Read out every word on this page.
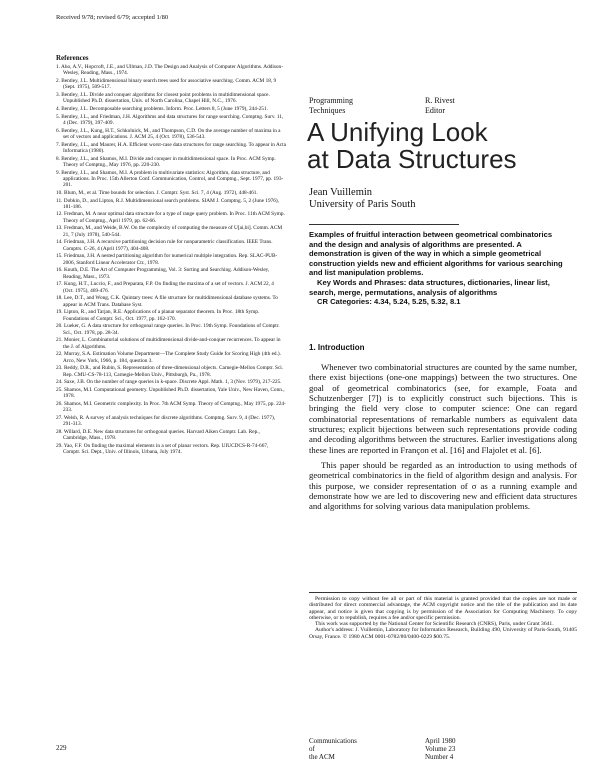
Received 9/78; revised 6/79; accepted 1/80
References
1. Aho, A.V., Hopcroft, J.E., and Ullman, J.D. The Design and Analysis of Computer Algorithms. Addison-Wesley, Reading, Mass., 1974.
2. Bentley, J.L. Multidimensional binary search trees used for associative searching. Comm. ACM 18, 9 (Sept. 1975), 509-517.
3. Bentley, J.L. Divide and conquer algorithms for closest point problems in multidimensional space. Unpublished Ph.D. dissertation, Univ. of North Carolina, Chapel Hill, N.C., 1976.
4. Bentley, J.L. Decomposable searching problems. Inform. Proc. Letters 8, 5 (June 1979), 244-251.
5. Bentley, J.L., and Friedman, J.H. Algorithms and data structures for range searching. Comptng. Surv. 11, 4 (Dec. 1979), 397-409.
6. Bentley, J.L., Kung, H.T., Schkolnick, M., and Thompson, C.D. On the average number of maxima in a set of vectors and applications. J. ACM 25, 4 (Oct. 1978), 536-543.
7. Bentley, J.L., and Maurer, H.A. Efficient worst-case data structures for range searching. To appear in Acta Informatica (1980).
8. Bentley, J.L., and Shamos, M.I. Divide and conquer in multidimensional space. In Proc. ACM Symp. Theory of Comptng., May 1976, pp. 220-230.
9. Bentley, J.L., and Shamos, M.I. A problem in multivariate statistics: Algorithm, data structure, and applications. In Proc. 15th Allerton Conf. Communication, Control, and Comptng., Sept. 1977, pp. 193-201.
10. Blum, M., et al. Time bounds for selection. J. Comptr. Syst. Sci. 7, 4 (Aug. 1972), 448-461.
11. Dobkin, D., and Lipton, R.J. Multidimensional search problems. SIAM J. Comptng. 5, 2 (June 1976), 181-186.
12. Fredman, M. A near optimal data structure for a type of range query problem. In Proc. 11th ACM Symp. Theory of Comptng., April 1979, pp. 62-66.
13. Fredman, M., and Weide, B.W. On the complexity of computing the measure of U[ai,bi]. Comm. ACM 21, 7 (July 1978), 540-544.
14. Friedman, J.H. A recursive partitioning decision rule for nonparametric classification. IEEE Trans. Comptrs. C-26, 4 (April 1977), 404-408.
15. Friedman, J.H. A nested partitioning algorithm for numerical multiple integration. Rep. SLAC-PUB-2006, Stanford Linear Accelerator Ctr., 1978.
16. Knuth, D.E. The Art of Computer Programming, Vol. 3: Sorting and Searching. Addison-Wesley, Reading, Mass., 1973.
17. Kung, H.T., Luccio, F., and Preparata, F.P. On finding the maxima of a set of vectors. J. ACM 22, 4 (Oct. 1975), 469-476.
18. Lee, D.T., and Wong, C.K. Quintary trees: A file structure for multidimensional database systems. To appear in ACM Trans. Database Syst.
19. Lipton, R., and Tarjan, R.E. Applications of a planar separator theorem. In Proc. 18th Symp. Foundations of Comptr. Sci., Oct. 1977, pp. 162-170.
20. Lueker, G. A data structure for orthogonal range queries. In Proc. 19th Symp. Foundations of Comptr. Sci., Oct. 1978, pp. 28-34.
21. Monier, L. Combinatorial solutions of multidimensional divide-and-conquer recurrences. To appear in the J. of Algorithms.
22. Murray, S.A. Estimation Volume Department—The Complete Study Guide for Scoring High (4th ed.). Arco, New York, 1966, p. 184, question 3.
23. Reddy, D.R., and Rubin, S. Representation of three-dimensional objects. Carnegie-Mellon Comptr. Sci. Rep. CMU-CS-78-113, Carnegie-Mellon Univ., Pittsburgh, Pa., 1978.
24. Saxe, J.B. On the number of range queries in k-space. Discrete Appl. Math. 1, 3 (Nov. 1979), 217-225.
25. Shamos, M.I. Computational geometry. Unpublished Ph.D. dissertation, Yale Univ., New Haven, Conn., 1978.
26. Shamos, M.I. Geometric complexity. In Proc. 7th ACM Symp. Theory of Comptng., May 1975, pp. 224-233.
27. Welsh, R. A survey of analysis techniques for discrete algorithms. Comptng. Surv. 9, 4 (Dec. 1977), 291-313.
28. Willard, D.E. New data structures for orthogonal queries. Harvard Aiken Comptr. Lab. Rep., Cambridge, Mass., 1978.
29. Yao, F.F. On finding the maximal elements in a set of planar vectors. Rep. UIUCDCS-R-74-667, Comptr. Sci. Dept., Univ. of Illinois, Urbana, July 1974.
Programming
Techniques
R. Rivest
Editor
A Unifying Look
at Data Structures
Jean Vuillemin
University of Paris South

Examples of fruitful interaction between geometrical combinatorics and the design and analysis of algorithms are presented. A demonstration is given of the way in which a simple geometrical construction yields new and efficient algorithms for various searching and list manipulation problems.

Key Words and Phrases: data structures, dictionaries, linear list, search, merge, permutations, analysis of algorithms

CR Categories: 4.34, 5.24, 5.25, 5.32, 8.1

1. Introduction

Whenever two combinatorial structures are counted by the same number, there exist bijections (one-one mappings) between the two structures. One goal of geometrical combinatorics (see, for example, Foata and Schutzenberger [7]) is to explicitly construct such bijections. This is bringing the field very close to computer science: One can regard combinatorial representations of remarkable numbers as equivalent data structures; explicit bijections between such representations provide coding and decoding algorithms between the structures. Earlier investigations along these lines are reported in Françon et al. [16] and Flajolet et al. [6].

This paper should be regarded as an introduction to using methods of geometrical combinatorics in the field of algorithm design and analysis. For this purpose, we consider representation of σ as a running example and demonstrate how we are led to discovering new and efficient data structures and algorithms for solving various data manipulation problems.

Permission to copy without fee all or part of this material is granted provided that the copies are not made or distributed for direct commercial advantage, the ACM copyright notice and the title of the publication and its date appear, and notice is given that copying is by permission of the Association for Computing Machinery. To copy otherwise, or to republish, requires a fee and/or specific permission.

This work was supported by the National Center for Scientific Research (CNRS), Paris, under Grant 3641.

Author's address: J. Vuillemin, Laboratory for Informatics Research, Building 490, University of Paris-South, 91405 Orsay, France. © 1980 ACM 0001-0782/80/0400-0229 $00.75.

229
Communications
of
the ACM
April 1980
Volume 23
Number 4
